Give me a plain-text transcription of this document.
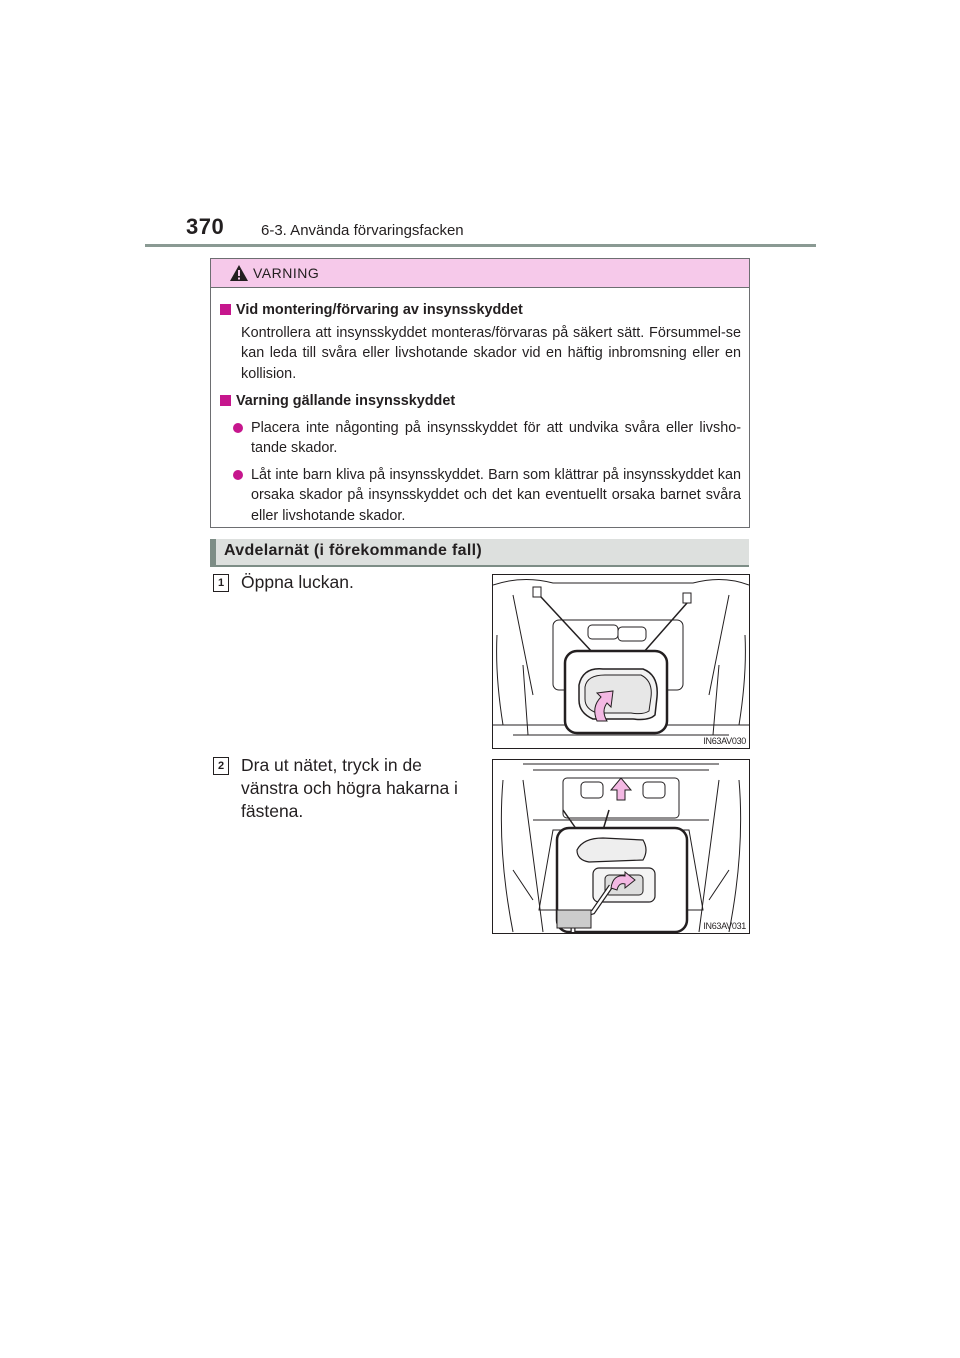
370 6-3. Använda förvaringsfacken
VARNING

Vid montering/förvaring av insynsskyddet

Kontrollera att insynsskyddet monteras/förvaras på säkert sätt. Försummel-se kan leda till svåra eller livshotande skador vid en häftig inbromsning eller en kollision.

Varning gällande insynsskyddet

Placera inte någonting på insynsskyddet för att undvika svåra eller livsho-tande skador.
Låt inte barn kliva på insynsskyddet. Barn som klättrar på insynsskyddet kan orsaka skador på insynsskyddet och det kan eventuellt orsaka barnet svåra eller livshotande skador.
Avdelarnät (i förekommande fall)
1 Öppna luckan.
IN63AV030
2 Dra ut nätet, tryck in de vänstra och högra hakarna i fästena.
IN63AV031
